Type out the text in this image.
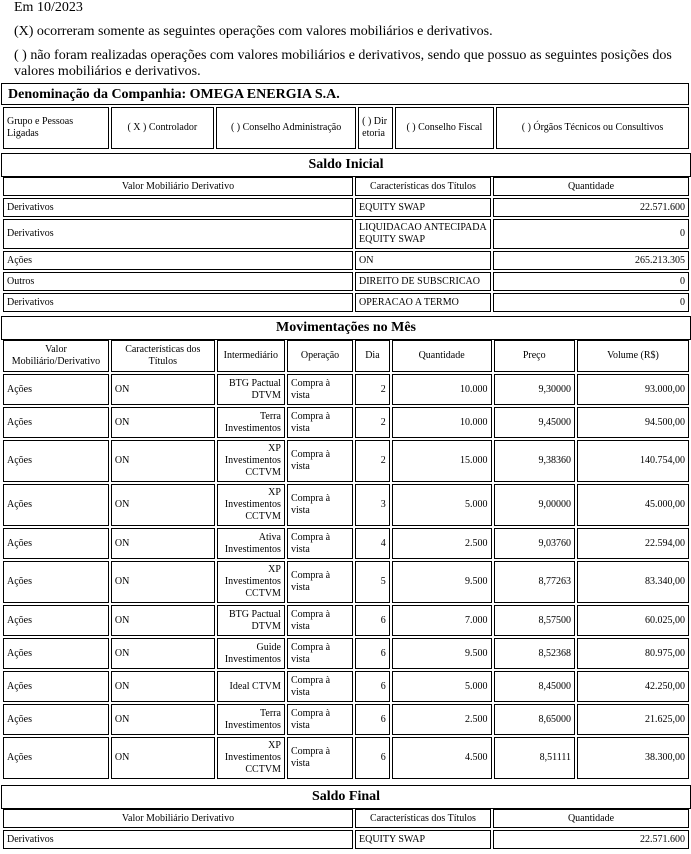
Em 10/2023

(X) ocorreram somente as seguintes operações com valores mobiliários e derivativos.

( ) não foram realizadas operações com valores mobiliários e derivativos, sendo que possuo as seguintes posições dos valores mobiliários e derivativos.

Denominação da Companhia: OMEGA ENERGIA S.A.
Grupo e Pessoas Ligadas	( X ) Controlador	( ) Conselho Administração	( ) Diretoria	( ) Conselho Fiscal	( ) Órgãos Técnicos ou Consultivos
Saldo Inicial
Valor Mobiliário Derivativo	Características dos Títulos	Quantidade
Derivativos	EQUITY SWAP	22.571.600
Derivativos	LIQUIDACAO ANTECIPADA EQUITY SWAP	0
Ações	ON	265.213.305
Outros	DIREITO DE SUBSCRICAO	0
Derivativos	OPERACAO A TERMO	0
Movimentações no Mês
Valor Mobiliário/Derivativo	Características dos Títulos	Intermediário	Operação	Dia	Quantidade	Preço	Volume (R$)
Ações	ON	BTG Pactual DTVM	Compra à vista	2	10.000	9,30000	93.000,00
Ações	ON	Terra Investimentos	Compra à vista	2	10.000	9,45000	94.500,00
Ações	ON	XP Investimentos CCTVM	Compra à vista	2	15.000	9,38360	140.754,00
Ações	ON	XP Investimentos CCTVM	Compra à vista	3	5.000	9,00000	45.000,00
Ações	ON	Ativa Investimentos	Compra à vista	4	2.500	9,03760	22.594,00
Ações	ON	XP Investimentos CCTVM	Compra à vista	5	9.500	8,77263	83.340,00
Ações	ON	BTG Pactual DTVM	Compra à vista	6	7.000	8,57500	60.025,00
Ações	ON	Guide Investimentos	Compra à vista	6	9.500	8,52368	80.975,00
Ações	ON	Ideal CTVM	Compra à vista	6	5.000	8,45000	42.250,00
Ações	ON	Terra Investimentos	Compra à vista	6	2.500	8,65000	21.625,00
Ações	ON	XP Investimentos CCTVM	Compra à vista	6	4.500	8,51111	38.300,00
Saldo Final
Valor Mobiliário Derivativo	Características dos Títulos	Quantidade
Derivativos	EQUITY SWAP	22.571.600
